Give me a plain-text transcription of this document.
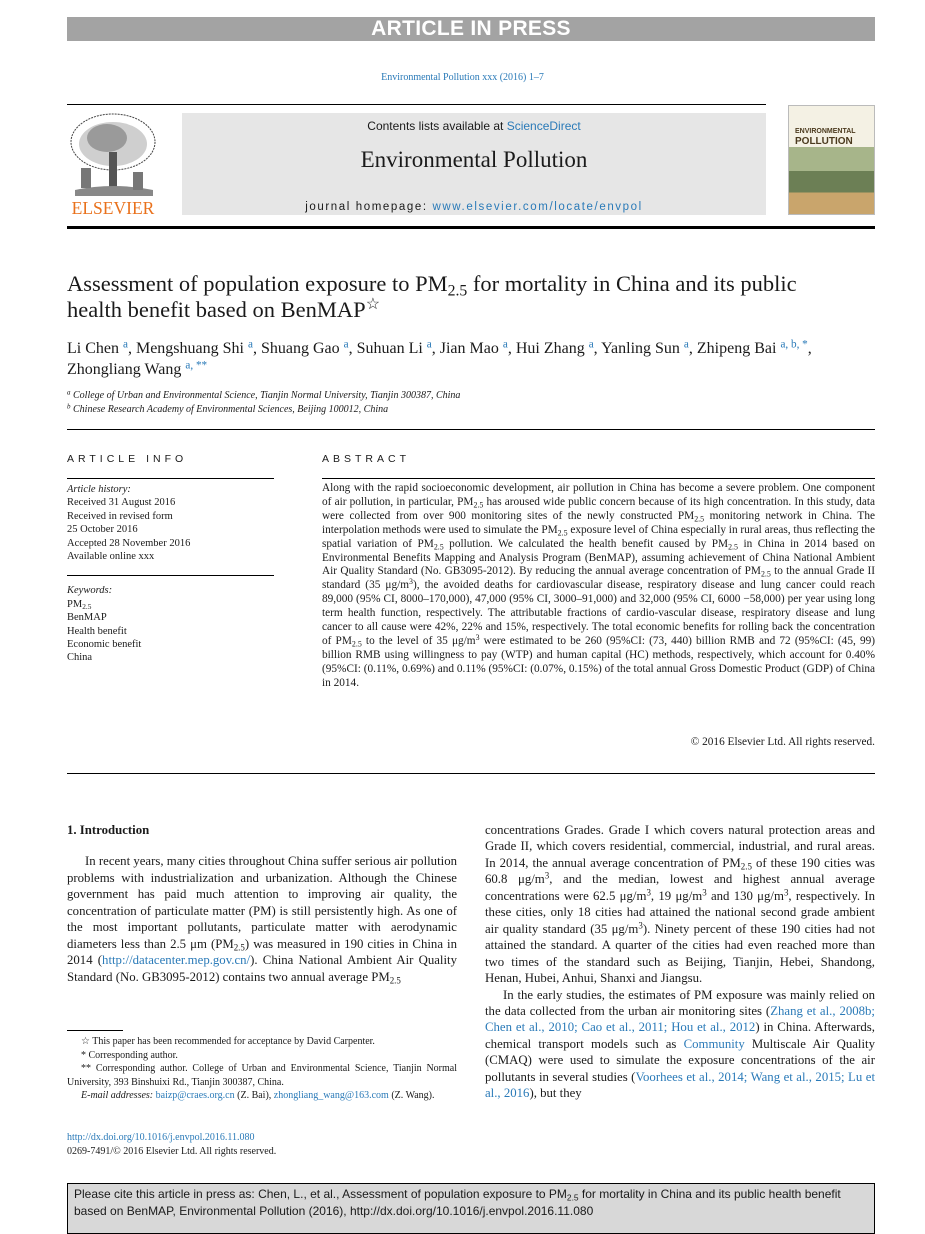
ARTICLE IN PRESS
Environmental Pollution xxx (2016) 1–7
ELSEVIER
Contents lists available at ScienceDirect
Environmental Pollution
journal homepage: www.elsevier.com/locate/envpol
ENVIRONMENTAL
POLLUTION
Assessment of population exposure to $PM_{2.5}$ for mortality in China and its public health benefit based on BenMAP☆
Li Chen $^a$, Mengshuang Shi $^a$, Shuang Gao $^a$, Suhuan Li $^a$, Jian Mao $^a$, Hui Zhang $^a$, Yanling Sun $^a$, Zhipeng Bai $^{a, b, *}$, Zhongliang Wang $^{a, **}$
$^a$ College of Urban and Environmental Science, Tianjin Normal University, Tianjin 300387, China
$^b$ Chinese Research Academy of Environmental Sciences, Beijing 100012, China
ARTICLE INFO	ABSTRACT
Article history:
Received 31 August 2016
Received in revised form
25 October 2016
Accepted 28 November 2016
Available online xxx
Keywords:
$PM_{2.5}$
BenMAP
Health benefit
Economic benefit
China
Along with the rapid socioeconomic development, air pollution in China has become a severe problem. One component of air pollution, in particular, $PM_{2.5}$ has aroused wide public concern because of its high concentration. In this study, data were collected from over 900 monitoring sites of the newly constructed $PM_{2.5}$ monitoring network in China. The interpolation methods were used to simulate the $PM_{2.5}$ exposure level of China especially in rural areas, thus reflecting the spatial variation of $PM_{2.5}$ pollution. We calculated the health benefit caused by $PM_{2.5}$ in China in 2014 based on Environmental Benefits Mapping and Analysis Program (BenMAP), assuming achievement of China National Ambient Air Quality Standard (No. GB3095-2012). By reducing the annual average concentration of $PM_{2.5}$ to the annual Grade II standard (35 $\mu g/m^3$), the avoided deaths for cardiovascular disease, respiratory disease and lung cancer could reach 89,000 (95% CI, 8000–170,000), 47,000 (95% CI, 3000–91,000) and 32,000 (95% CI, 6000 −58,000) per year using long term health function, respectively. The attributable fractions of cardio-vascular disease, respiratory disease and lung cancer to all cause were 42%, 22% and 15%, respectively. The total economic benefits for rolling back the concentration of $PM_{2.5}$ to the level of 35 $\mu g/m^3$ were estimated to be 260 (95%CI: (73, 440) billion RMB and 72 (95%CI: (45, 99) billion RMB using willingness to pay (WTP) and human capital (HC) methods, respectively, which account for 0.40% (95%CI: (0.11%, 0.69%) and 0.11% (95%CI: (0.07%, 0.15%) of the total annual Gross Domestic Product (GDP) of China in 2014.
© 2016 Elsevier Ltd. All rights reserved.
1. Introduction

In recent years, many cities throughout China suffer serious air pollution problems with industrialization and urbanization. Although the Chinese government has paid much attention to improving air quality, the concentration of particulate matter (PM) is still persistently high. As one of the most important pollutants, particulate matter with aerodynamic diameters less than 2.5 μm $(PM_{2.5})$ was measured in 190 cities in China in 2014 (http://datacenter.mep.gov.cn/). China National Ambient Air Quality Standard (No. GB3095-2012) contains two annual average $PM_{2.5}$

concentrations Grades. Grade I which covers natural protection areas and Grade II, which covers residential, commercial, industrial, and rural areas. In 2014, the annual average concentration of $PM_{2.5}$ of these 190 cities was 60.8 $\mu g/m^3$, and the median, lowest and highest annual average concentrations were 62.5 $\mu g/m^3$, 19 $\mu g/m^3$ and 130 $\mu g/m^3$, respectively. In these cities, only 18 cities had attained the national second grade ambient air quality standard (35 $\mu g/m^3$). Ninety percent of these 190 cities had not attained the standard. A quarter of the cities had even reached more than two times of the standard such as Beijing, Tianjin, Hebei, Shandong, Henan, Hubei, Anhui, Shanxi and Jiangsu.

In the early studies, the estimates of PM exposure was mainly relied on the data collected from the urban air monitoring sites (Zhang et al., 2008b; Chen et al., 2010; Cao et al., 2011; Hou et al., 2012) in China. Afterwards, chemical transport models such as Community Multiscale Air Quality (CMAQ) were used to simulate the exposure concentrations of the air pollutants in several studies (Voorhees et al., 2014; Wang et al., 2015; Lu et al., 2016), but they

☆ This paper has been recommended for acceptance by David Carpenter.
* Corresponding author.
** Corresponding author. College of Urban and Environmental Science, Tianjin Normal University, 393 Binshuixi Rd., Tianjin 300387, China.
E-mail addresses: baizp@craes.org.cn (Z. Bai), zhongliang_wang@163.com (Z. Wang).
http://dx.doi.org/10.1016/j.envpol.2016.11.080
0269-7491/© 2016 Elsevier Ltd. All rights reserved.
Please cite this article in press as: Chen, L., et al., Assessment of population exposure to $PM_{2.5}$ for mortality in China and its public health benefit based on BenMAP, Environmental Pollution (2016), http://dx.doi.org/10.1016/j.envpol.2016.11.080
